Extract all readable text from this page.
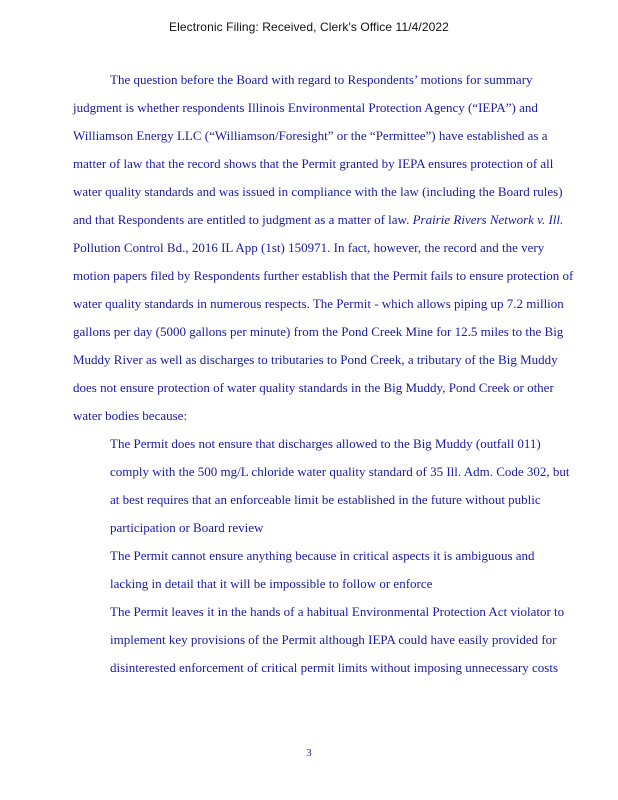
Electronic Filing: Received, Clerk's Office 11/4/2022
The question before the Board with regard to Respondents’ motions for summary
judgment is whether respondents Illinois Environmental Protection Agency (“IEPA”) and
Williamson Energy LLC (“Williamson/Foresight” or the “Permittee”) have established as a
matter of law that the record shows that the Permit granted by IEPA ensures protection of all
water quality standards and was issued in compliance with the law (including the Board rules)
and that Respondents are entitled to judgment as a matter of law. Prairie Rivers Network v. Ill.
Pollution Control Bd., 2016 IL App (1st) 150971. In fact, however, the record and the very
motion papers filed by Respondents further establish that the Permit fails to ensure protection of
water quality standards in numerous respects. The Permit - which allows piping up 7.2 million
gallons per day (5000 gallons per minute) from the Pond Creek Mine for 12.5 miles to the Big
Muddy River as well as discharges to tributaries to Pond Creek, a tributary of the Big Muddy
does not ensure protection of water quality standards in the Big Muddy, Pond Creek or other
water bodies because:
The Permit does not ensure that discharges allowed to the Big Muddy (outfall 011)
comply with the 500 mg/L chloride water quality standard of 35 Ill. Adm. Code 302, but
at best requires that an enforceable limit be established in the future without public
participation or Board review
The Permit cannot ensure anything because in critical aspects it is ambiguous and
lacking in detail that it will be impossible to follow or enforce
The Permit leaves it in the hands of a habitual Environmental Protection Act violator to
implement key provisions of the Permit although IEPA could have easily provided for
disinterested enforcement of critical permit limits without imposing unnecessary costs
3
